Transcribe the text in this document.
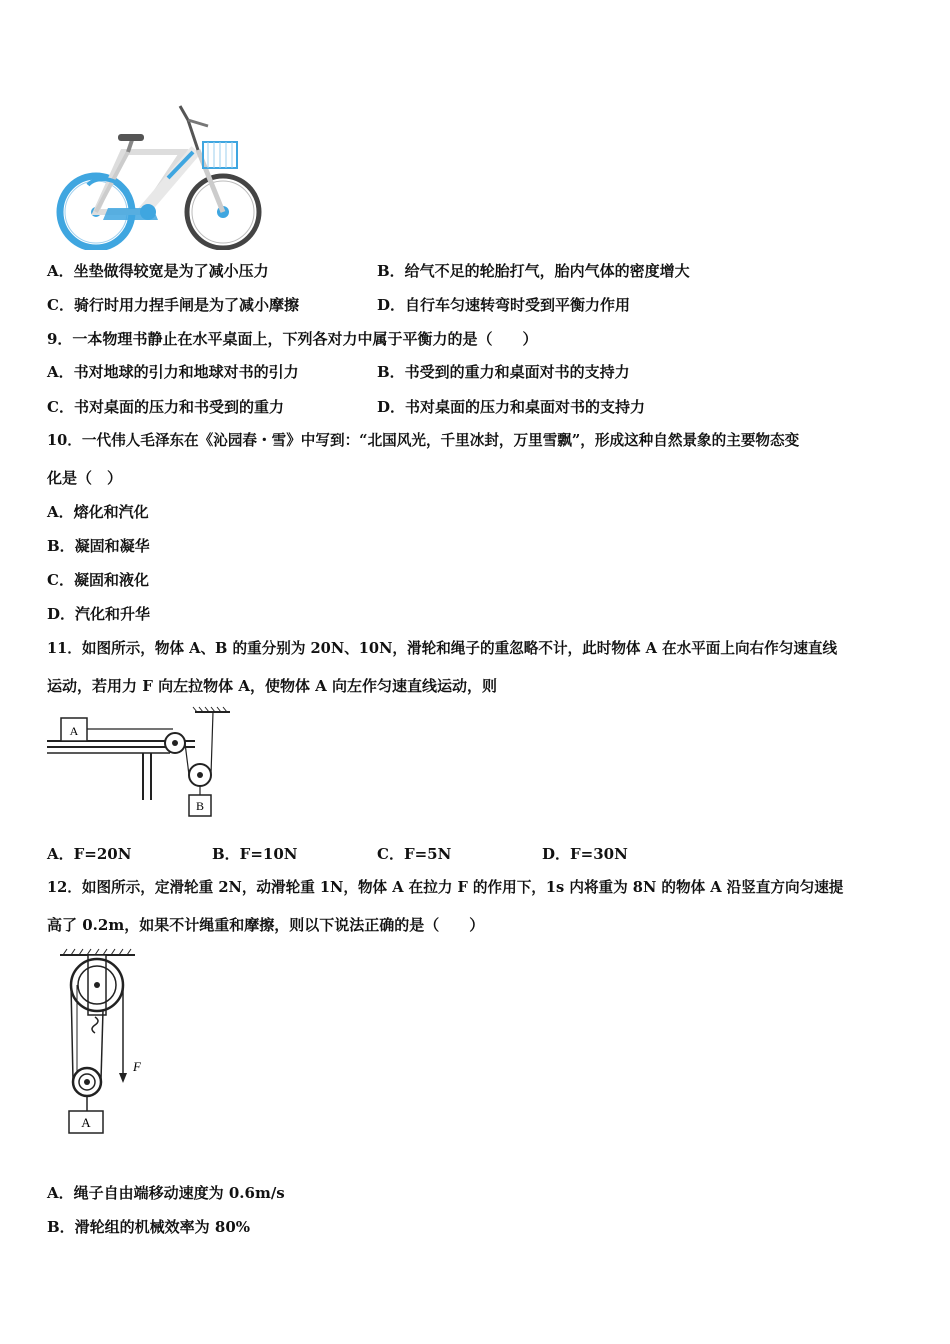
A．坐垫做得较宽是为了减小压力	B．给气不足的轮胎打气，胎内气体的密度增大
C．骑行时用力捏手闸是为了减小摩擦	D．自行车匀速转弯时受到平衡力作用
9．一本物理书静止在水平桌面上，下列各对力中属于平衡力的是（　　）
A．书对地球的引力和地球对书的引力	B．书受到的重力和桌面对书的支持力
C．书对桌面的压力和书受到的重力	D．书对桌面的压力和桌面对书的支持力
10．一代伟人毛泽东在《沁园春・雪》中写到：“北国风光，千里冰封，万里雪飘”，形成这种自然景象的主要物态变
化是（　）
A．熔化和汽化
B．凝固和凝华
C．凝固和液化
D．汽化和升华
11．如图所示，物体 A、B 的重分别为 20N、10N，滑轮和绳子的重忽略不计，此时物体 A 在水平面上向右作匀速直线
运动，若用力 F 向左拉物体 A，使物体 A 向左作匀速直线运动，则
A
B
A．F=20N	B．F=10N	C．F=5N	D．F=30N
12．如图所示，定滑轮重 2N，动滑轮重 1N，物体 A 在拉力 F 的作用下，1s 内将重为 8N 的物体 A 沿竖直方向匀速提
高了 0.2m，如果不计绳重和摩擦，则以下说法正确的是（　　）
F
A
A．绳子自由端移动速度为 0.6m/s
B．滑轮组的机械效率为 80%
